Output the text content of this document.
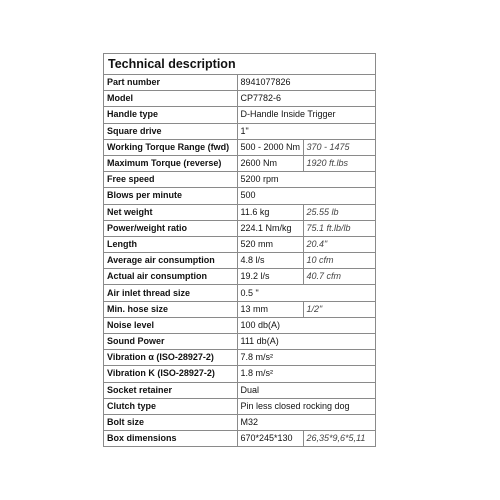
Technical description
Part number	8941077826	
Model	CP7782-6	
Handle type	D-Handle Inside Trigger	
Square drive	1"	
Working Torque Range (fwd)	500 - 2000 Nm	370 - 1475
Maximum Torque (reverse)	2600 Nm	1920 ft.lbs
Free speed	5200 rpm	
Blows per minute	500	
Net weight	11.6 kg	25.55 lb
Power/weight ratio	224.1 Nm/kg	75.1 ft.lb/lb
Length	520 mm	20.4"
Average air consumption	4.8 l/s	10 cfm
Actual air consumption	19.2 l/s	40.7 cfm
Air inlet thread size	0.5 "	
Min. hose size	13 mm	1/2"
Noise level	100 db(A)	
Sound Power	111 db(A)	
Vibration α (ISO-28927-2)	7.8 m/s²	
Vibration K (ISO-28927-2)	1.8 m/s²	
Socket retainer	Dual	
Clutch type	Pin less closed rocking dog	
Bolt size	M32	
Box dimensions	670*245*130	26,35*9,6*5,11
